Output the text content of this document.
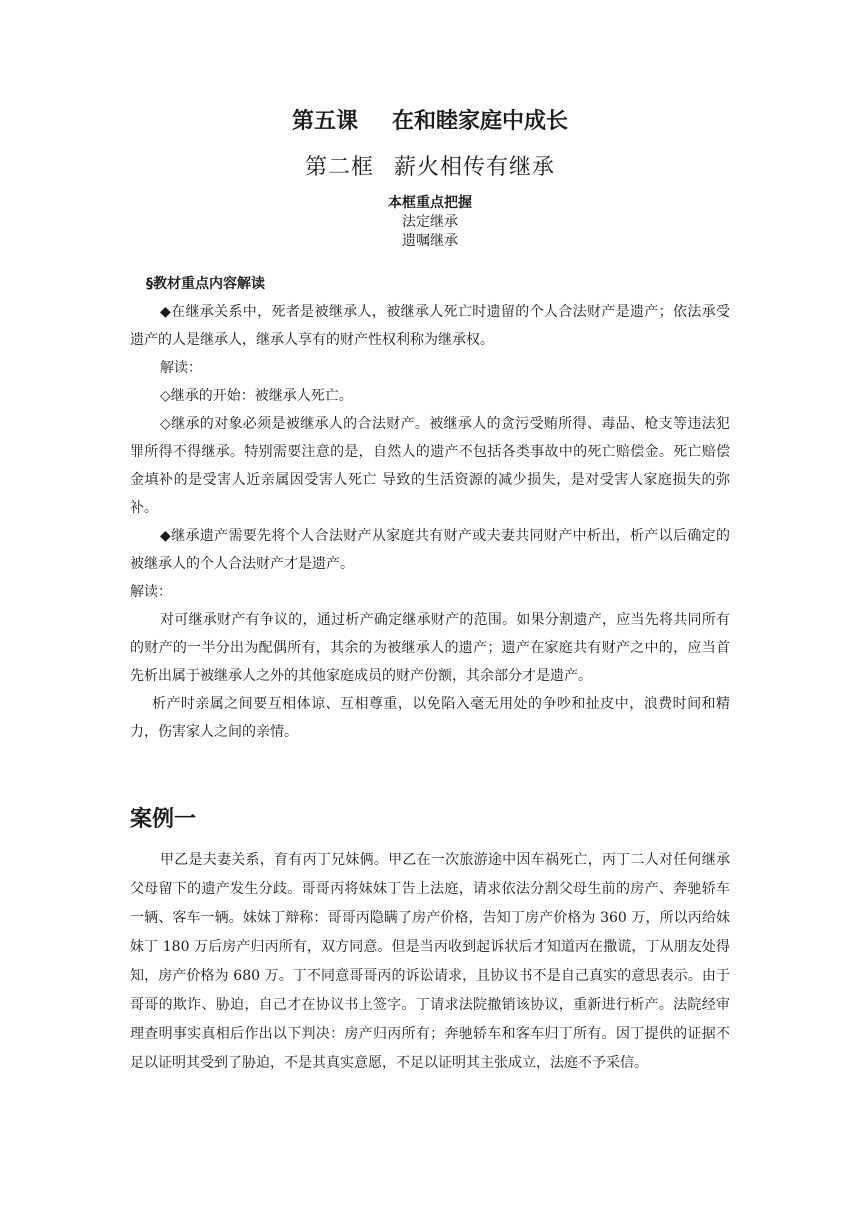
第五课 在和睦家庭中成长
第二框 薪火相传有继承
本框重点把握
法定继承
遗嘱继承

§教材重点内容解读

◆在继承关系中，死者是被继承人，被继承人死亡时遗留的个人合法财产是遗产；依法承受遗产的人是继承人，继承人享有的财产性权利称为继承权。

解读：

◇继承的开始：被继承人死亡。

◇继承的对象必须是被继承人的合法财产。被继承人的贪污受贿所得、毒品、枪支等违法犯罪所得不得继承。特别需要注意的是，自然人的遗产不包括各类事故中的死亡赔偿金。死亡赔偿金填补的是受害人近亲属因受害人死亡 导致的生活资源的减少损失，是对受害人家庭损失的弥补。

◆继承遗产需要先将个人合法财产从家庭共有财产或夫妻共同财产中析出，析产以后确定的被继承人的个人合法财产才是遗产。

解读：

对可继承财产有争议的，通过析产确定继承财产的范围。如果分割遗产，应当先将共同所有的财产的一半分出为配偶所有，其余的为被继承人的遗产；遗产在家庭共有财产之中的，应当首先析出属于被继承人之外的其他家庭成员的财产份额，其余部分才是遗产。

析产时亲属之间要互相体谅、互相尊重，以免陷入毫无用处的争吵和扯皮中，浪费时间和精力，伤害家人之间的亲情。

案例一

甲乙是夫妻关系，育有丙丁兄妹俩。甲乙在一次旅游途中因车祸死亡，丙丁二人对任何继承父母留下的遗产发生分歧。哥哥丙将妹妹丁告上法庭，请求依法分割父母生前的房产、奔驰轿车一辆、客车一辆。妹妹丁辩称：哥哥丙隐瞒了房产价格，告知丁房产价格为 360 万，所以丙给妹妹丁 180 万后房产归丙所有，双方同意。但是当丙收到起诉状后才知道丙在撒谎，丁从朋友处得知，房产价格为 680 万。丁不同意哥哥丙的诉讼请求，且协议书不是自己真实的意思表示。由于哥哥的欺诈、胁迫，自己才在协议书上签字。丁请求法院撤销该协议，重新进行析产。法院经审理查明事实真相后作出以下判决：房产归丙所有；奔驰轿车和客车归丁所有。因丁提供的证据不足以证明其受到了胁迫，不是其真实意愿，不足以证明其主张成立，法庭不予采信。
